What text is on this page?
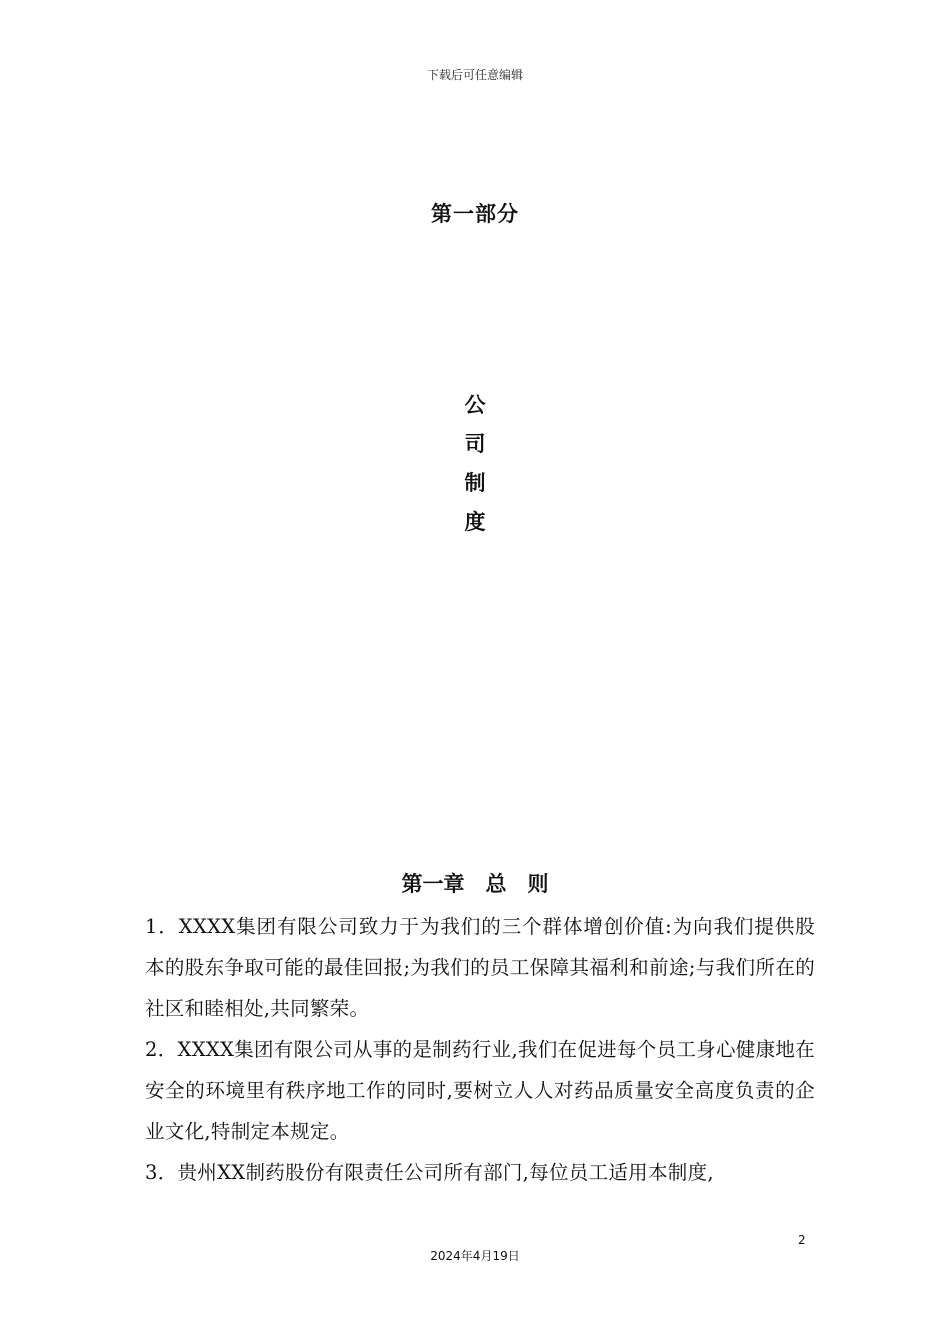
下载后可任意编辑
第一部分
公
司
制
度
第一章　总　则

1．XXXX集团有限公司致力于为我们的三个群体增创价值:为向我们提供股本的股东争取可能的最佳回报;为我们的员工保障其福利和前途;与我们所在的社区和睦相处,共同繁荣。

2．XXXX集团有限公司从事的是制药行业,我们在促进每个员工身心健康地在安全的环境里有秩序地工作的同时,要树立人人对药品质量安全高度负责的企业文化,特制定本规定。

3．贵州XX制药股份有限责任公司所有部门,每位员工适用本制度,

2
2024年4月19日
